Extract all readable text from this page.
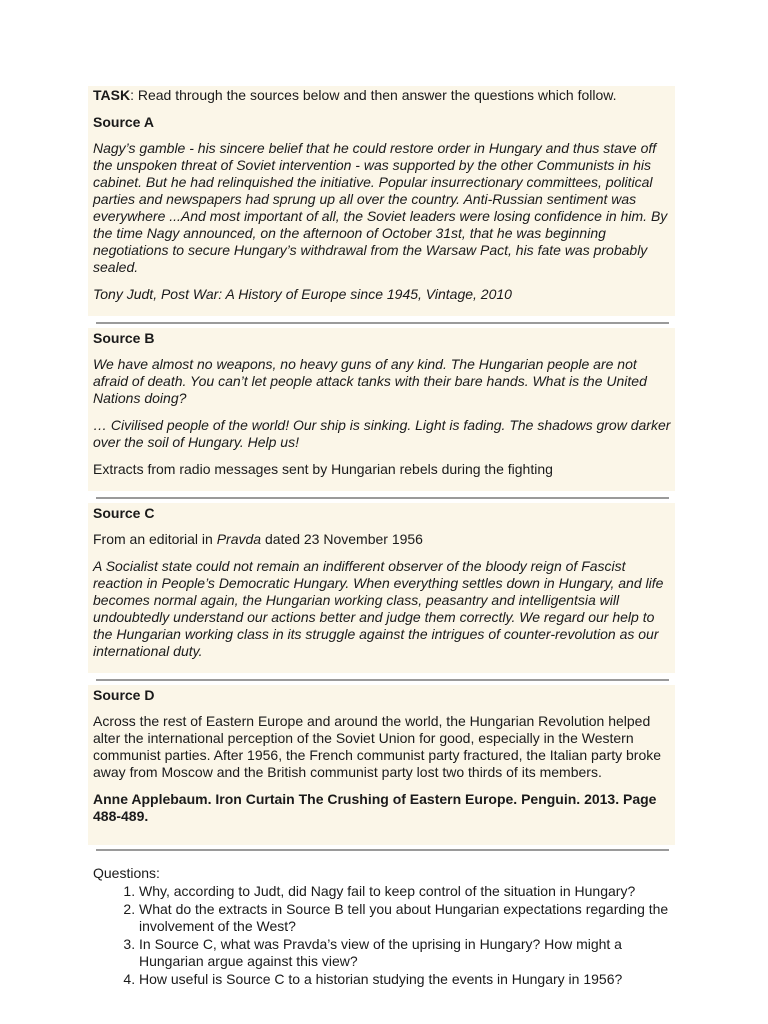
TASK: Read through the sources below and then answer the questions which follow.

Source A

Nagy’s gamble - his sincere belief that he could restore order in Hungary and thus stave off the unspoken threat of Soviet intervention - was supported by the other Communists in his cabinet. But he had relinquished the initiative. Popular insurrectionary committees, political parties and newspapers had sprung up all over the country. Anti-Russian sentiment was everywhere ...And most important of all, the Soviet leaders were losing confidence in him. By the time Nagy announced, on the afternoon of October 31st, that he was beginning negotiations to secure Hungary’s withdrawal from the Warsaw Pact, his fate was probably sealed.

Tony Judt, Post War: A History of Europe since 1945, Vintage, 2010

Source B

We have almost no weapons, no heavy guns of any kind. The Hungarian people are not afraid of death. You can’t let people attack tanks with their bare hands. What is the United Nations doing?

… Civilised people of the world! Our ship is sinking. Light is fading. The shadows grow darker over the soil of Hungary. Help us!

Extracts from radio messages sent by Hungarian rebels during the fighting

Source C

From an editorial in Pravda dated 23 November 1956

A Socialist state could not remain an indifferent observer of the bloody reign of Fascist reaction in People’s Democratic Hungary. When everything settles down in Hungary, and life becomes normal again, the Hungarian working class, peasantry and intelligentsia will undoubtedly understand our actions better and judge them correctly. We regard our help to the Hungarian working class in its struggle against the intrigues of counter-revolution as our international duty.

Source D

Across the rest of Eastern Europe and around the world, the Hungarian Revolution helped alter the international perception of the Soviet Union for good, especially in the Western communist parties. After 1956, the French communist party fractured, the Italian party broke away from Moscow and the British communist party lost two thirds of its members.

Anne Applebaum. Iron Curtain The Crushing of Eastern Europe. Penguin. 2013. Page 488-489.

Questions:

1. Why, according to Judt, did Nagy fail to keep control of the situation in Hungary?
2. What do the extracts in Source B tell you about Hungarian expectations regarding the involvement of the West?
3. In Source C, what was Pravda’s view of the uprising in Hungary? How might a Hungarian argue against this view?
4. How useful is Source C to a historian studying the events in Hungary in 1956?
